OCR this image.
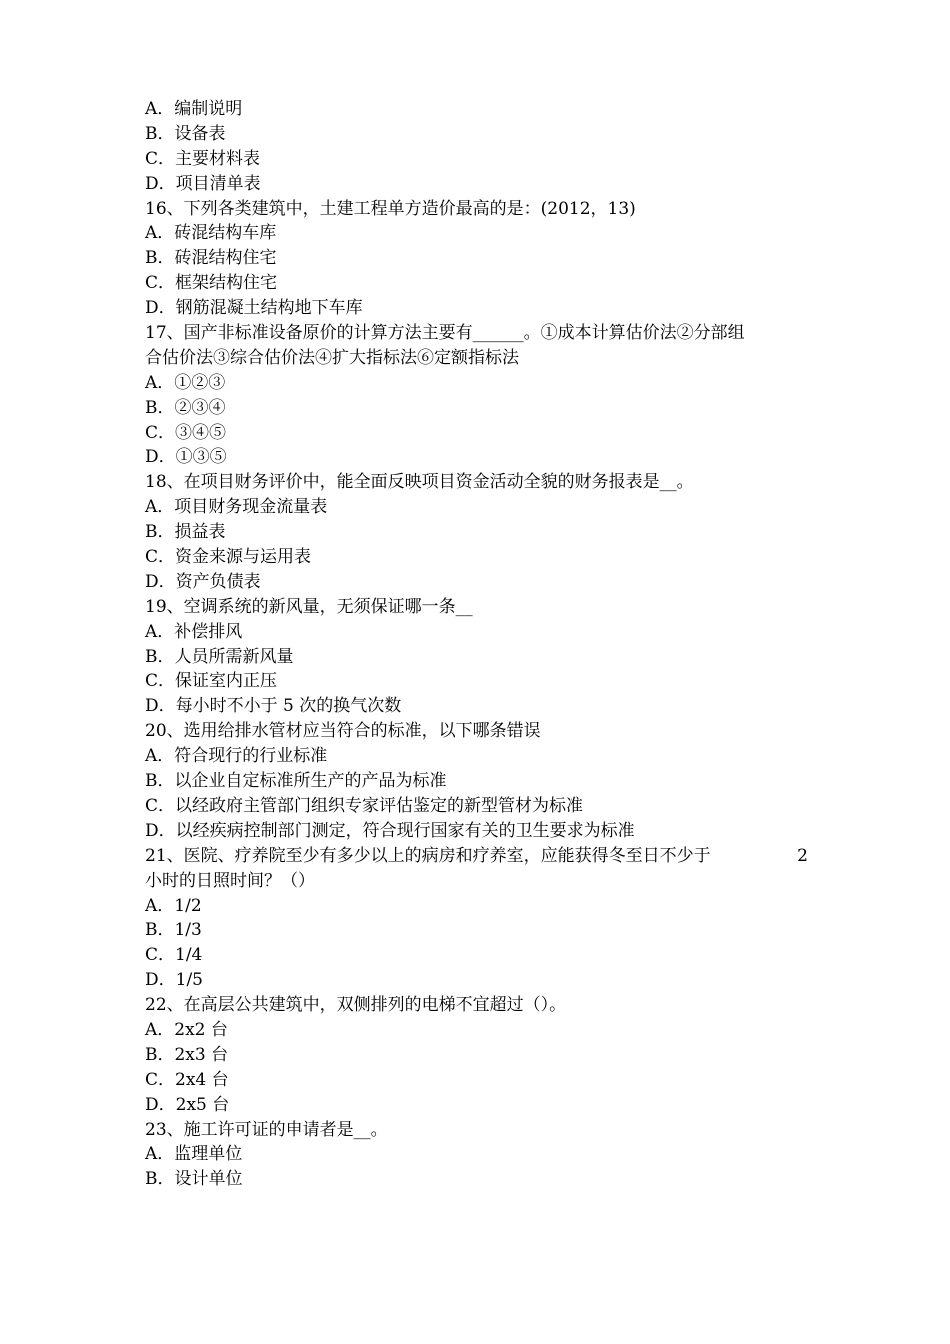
A．编制说明
B．设备表
C．主要材料表
D．项目清单表
16、下列各类建筑中，土建工程单方造价最高的是：(2012，13)
A．砖混结构车库
B．砖混结构住宅
C．框架结构住宅
D．钢筋混凝土结构地下车库
17、国产非标准设备原价的计算方法主要有______。①成本计算估价法②分部组
合估价法③综合估价法④扩大指标法⑥定额指标法
A．①②③
B．②③④
C．③④⑤
D．①③⑤
18、在项目财务评价中，能全面反映项目资金活动全貌的财务报表是__。
A．项目财务现金流量表
B．损益表
C．资金来源与运用表
D．资产负债表
19、空调系统的新风量，无须保证哪一条__
A．补偿排风
B．人员所需新风量
C．保证室内正压
D．每小时不小于 5 次的换气次数
20、选用给排水管材应当符合的标准，以下哪条错误
A．符合现行的行业标准
B．以企业自定标准所生产的产品为标准
C．以经政府主管部门组织专家评估鉴定的新型管材为标准
D．以经疾病控制部门测定，符合现行国家有关的卫生要求为标准
21、医院、疗养院至少有多少以上的病房和疗养室，应能获得冬至日不少于	2
小时的日照时间？（）
A．1/2
B．1/3
C．1/4
D．1/5
22、在高层公共建筑中，双侧排列的电梯不宜超过（）。
A．2x2 台
B．2x3 台
C．2x4 台
D．2x5 台
23、施工许可证的申请者是__。
A．监理单位
B．设计单位
